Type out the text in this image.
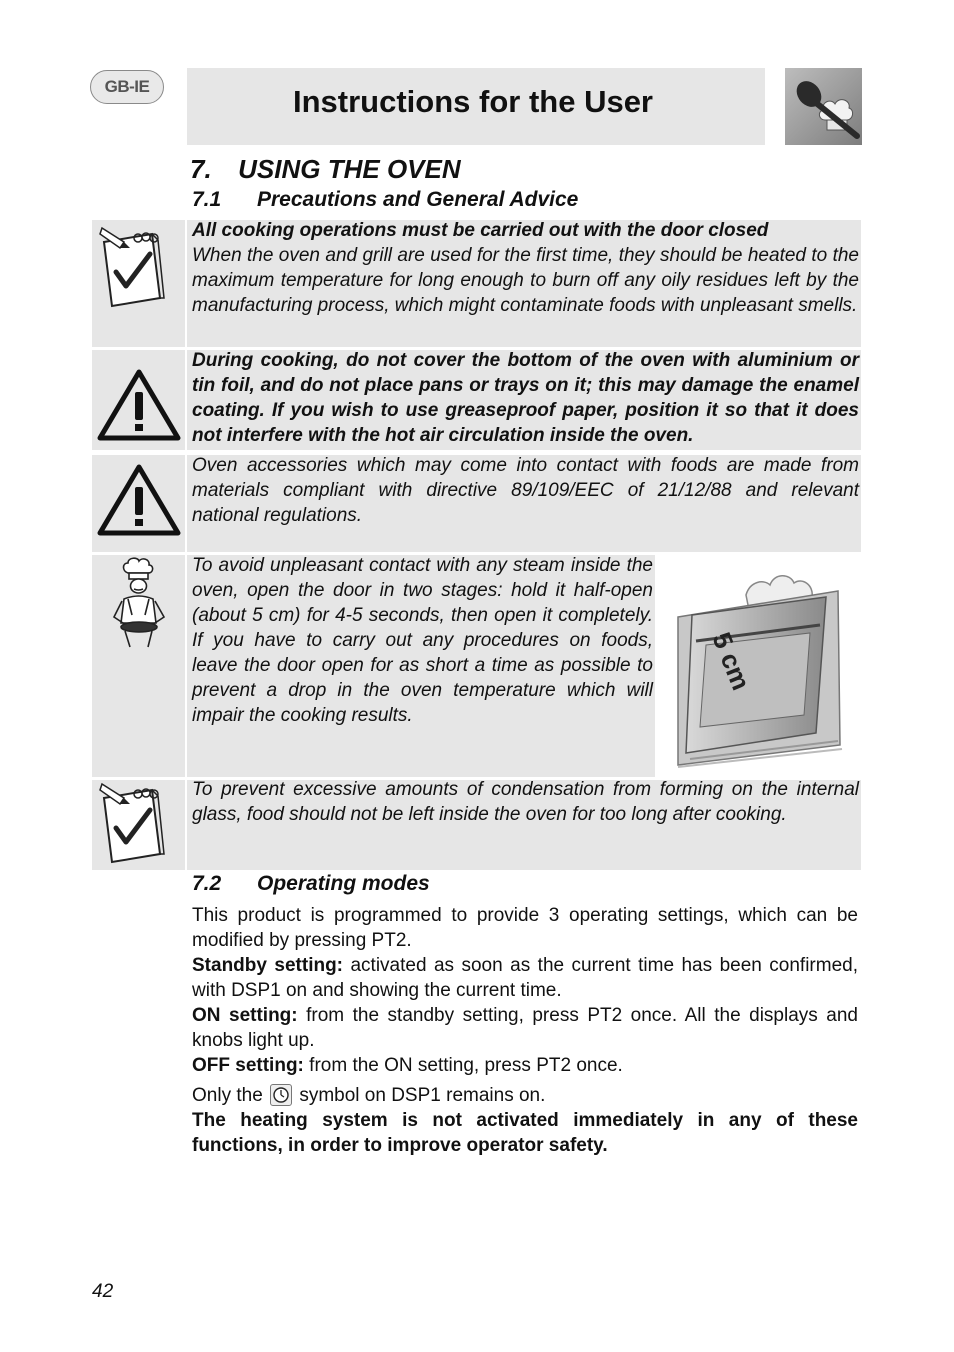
GB-IE	Instructions for the User
7. USING THE OVEN
7.1 Precautions and General Advice
All cooking operations must be carried out with the door closed
When the oven and grill are used for the first time, they should be heated to the maximum temperature for long enough to burn off any oily residues left by the manufacturing process, which might contaminate foods with unpleasant smells.
During cooking, do not cover the bottom of the oven with aluminium or tin foil, and do not place pans or trays on it; this may damage the enamel coating. If you wish to use greaseproof paper, position it so that it does not interfere with the hot air circulation inside the oven.
Oven accessories which may come into contact with foods are made from materials compliant with directive 89/109/EEC of 21/12/88 and relevant national regulations.
To avoid unpleasant contact with any steam inside the oven, open the door in two stages: hold it half-open (about 5 cm) for 4-5 seconds, then open it completely. If you have to carry out any procedures on foods, leave the door open for as short a time as possible to prevent a drop in the oven temperature which will impair the cooking results.
5 cm
To prevent excessive amounts of condensation from forming on the internal glass, food should not be left inside the oven for too long after cooking.
7.2 Operating modes
This product is programmed to provide 3 operating settings, which can be modified by pressing PT2.
Standby setting: activated as soon as the current time has been confirmed, with DSP1 on and showing the current time.
ON setting: from the standby setting, press PT2 once. All the displays and knobs light up.
OFF setting: from the ON setting, press PT2 once.
Only the
symbol on DSP1 remains on.
The heating system is not activated immediately in any of these functions, in order to improve operator safety.
42
